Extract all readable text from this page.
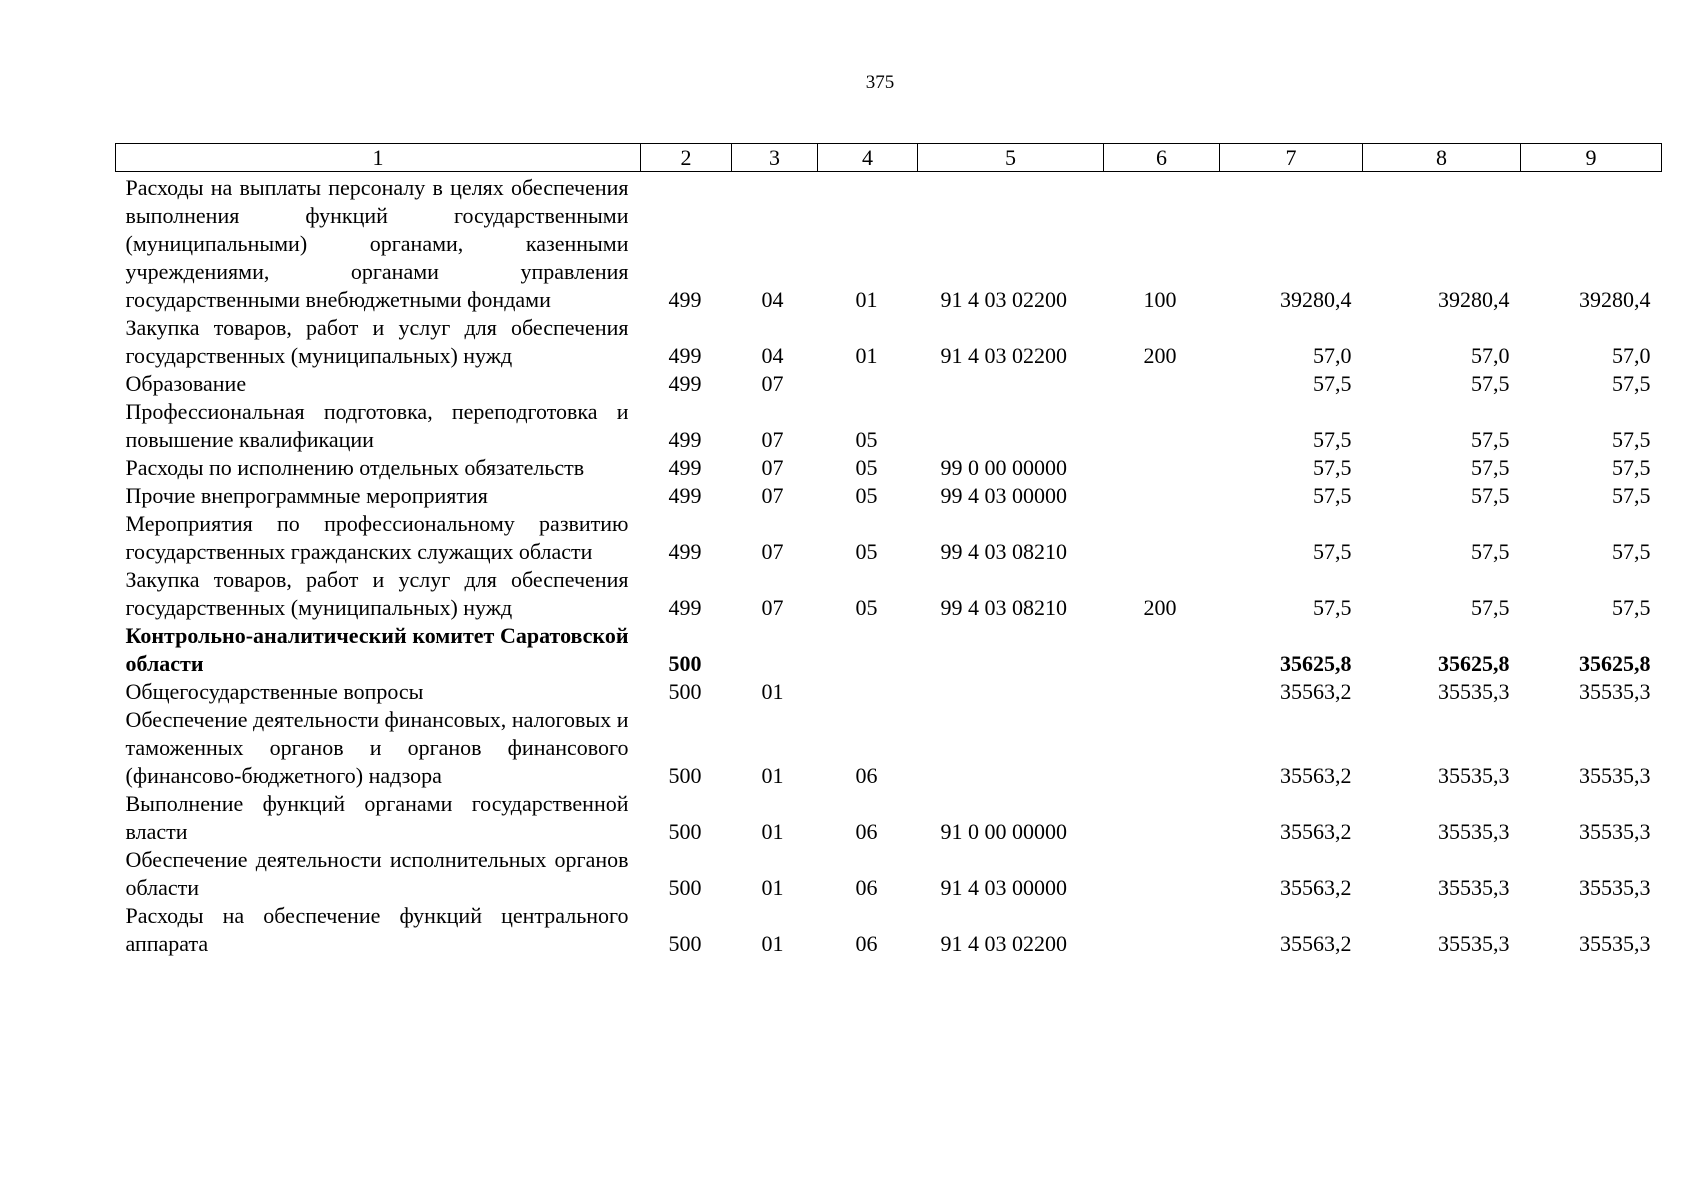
375
1	2	3	4	5	6	7	8	9
Расходы на выплаты персоналу в целях обеспечения выполнения функций государственными (муниципальными) органами, казенными учреждениями, органами управления государственными внебюджетными фондами	499	04	01	91 4 03 02200	100	39280,4	39280,4	39280,4
Закупка товаров, работ и услуг для обеспечения государственных (муниципальных) нужд	499	04	01	91 4 03 02200	200	57,0	57,0	57,0
Образование	499	07				57,5	57,5	57,5
Профессиональная подготовка, переподготовка и повышение квалификации	499	07	05			57,5	57,5	57,5
Расходы по исполнению отдельных обязательств	499	07	05	99 0 00 00000		57,5	57,5	57,5
Прочие внепрограммные мероприятия	499	07	05	99 4 03 00000		57,5	57,5	57,5
Мероприятия по профессиональному развитию государственных гражданских служащих области	499	07	05	99 4 03 08210		57,5	57,5	57,5
Закупка товаров, работ и услуг для обеспечения государственных (муниципальных) нужд	499	07	05	99 4 03 08210	200	57,5	57,5	57,5
Контрольно-аналитический комитет Саратовской области	500					35625,8	35625,8	35625,8
Общегосударственные вопросы	500	01				35563,2	35535,3	35535,3
Обеспечение деятельности финансовых, налоговых и таможенных органов и органов финансового (финансово-бюджетного) надзора	500	01	06			35563,2	35535,3	35535,3
Выполнение функций органами государственной власти	500	01	06	91 0 00 00000		35563,2	35535,3	35535,3
Обеспечение деятельности исполнительных органов области	500	01	06	91 4 03 00000		35563,2	35535,3	35535,3
Расходы на обеспечение функций центрального аппарата	500	01	06	91 4 03 02200		35563,2	35535,3	35535,3
